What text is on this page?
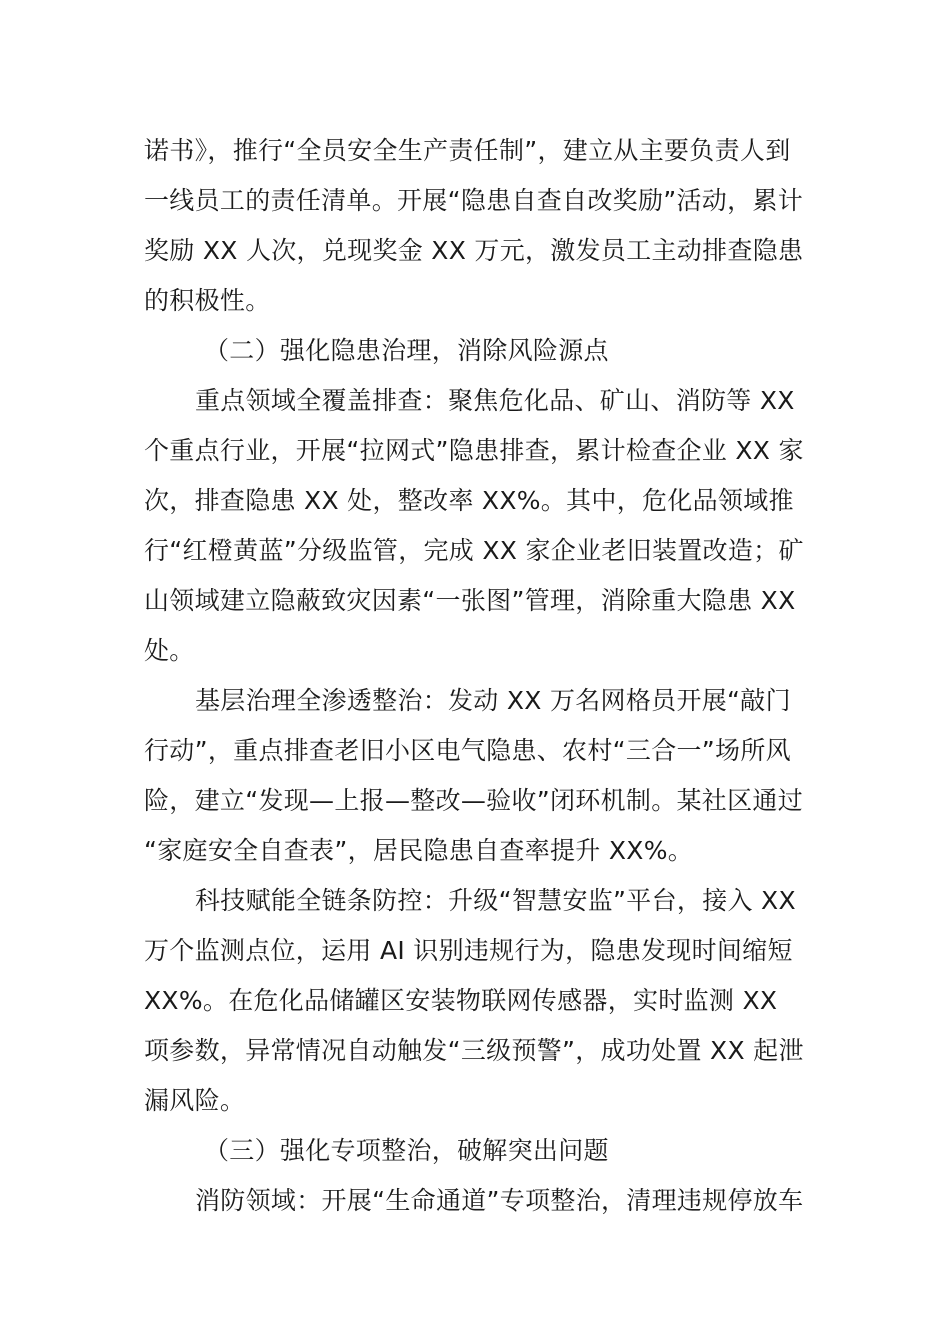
诺书》，推行“全员安全生产责任制”，建立从主要负责人到
一线员工的责任清单。开展“隐患自查自改奖励”活动，累计
奖励 XX 人次，兑现奖金 XX 万元，激发员工主动排查隐患
的积极性。
（二）强化隐患治理，消除风险源点
重点领域全覆盖排查：聚焦危化品、矿山、消防等 XX
个重点行业，开展“拉网式”隐患排查，累计检查企业 XX 家
次，排查隐患 XX 处，整改率 XX%。其中，危化品领域推
行“红橙黄蓝”分级监管，完成 XX 家企业老旧装置改造；矿
山领域建立隐蔽致灾因素“一张图”管理，消除重大隐患 XX
处。
基层治理全渗透整治：发动 XX 万名网格员开展“敲门
行动”，重点排查老旧小区电气隐患、农村“三合一”场所风
险，建立“发现—上报—整改—验收”闭环机制。某社区通过
“家庭安全自查表”，居民隐患自查率提升 XX%。
科技赋能全链条防控：升级“智慧安监”平台，接入 XX
万个监测点位，运用 AI 识别违规行为，隐患发现时间缩短
XX%。在危化品储罐区安装物联网传感器，实时监测 XX
项参数，异常情况自动触发“三级预警”，成功处置 XX 起泄
漏风险。
（三）强化专项整治，破解突出问题
消防领域：开展“生命通道”专项整治，清理违规停放车
